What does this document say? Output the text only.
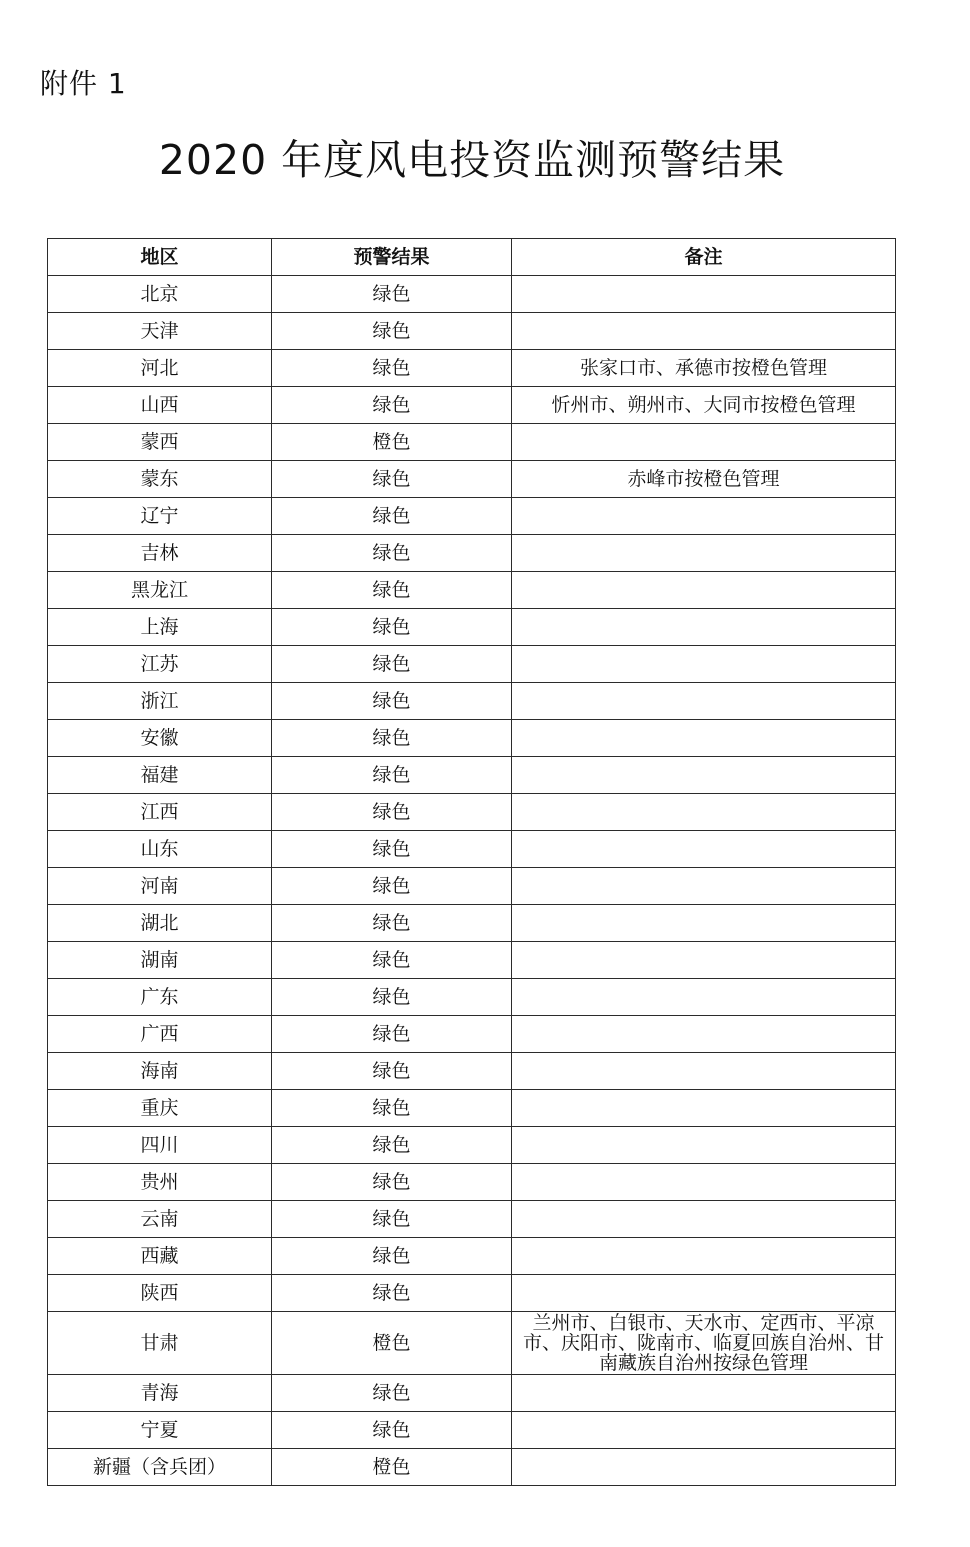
附件 1
2020 年度风电投资监测预警结果
地区	预警结果	备注
北京	绿色	
天津	绿色	
河北	绿色	张家口市、承德市按橙色管理
山西	绿色	忻州市、朔州市、大同市按橙色管理
蒙西	橙色	
蒙东	绿色	赤峰市按橙色管理
辽宁	绿色	
吉林	绿色	
黑龙江	绿色	
上海	绿色	
江苏	绿色	
浙江	绿色	
安徽	绿色	
福建	绿色	
江西	绿色	
山东	绿色	
河南	绿色	
湖北	绿色	
湖南	绿色	
广东	绿色	
广西	绿色	
海南	绿色	
重庆	绿色	
四川	绿色	
贵州	绿色	
云南	绿色	
西藏	绿色	
陕西	绿色	
甘肃	橙色	兰州市、白银市、天水市、定西市、平凉市、庆阳市、陇南市、临夏回族自治州、甘南藏族自治州按绿色管理
青海	绿色	
宁夏	绿色	
新疆（含兵团）	橙色	
